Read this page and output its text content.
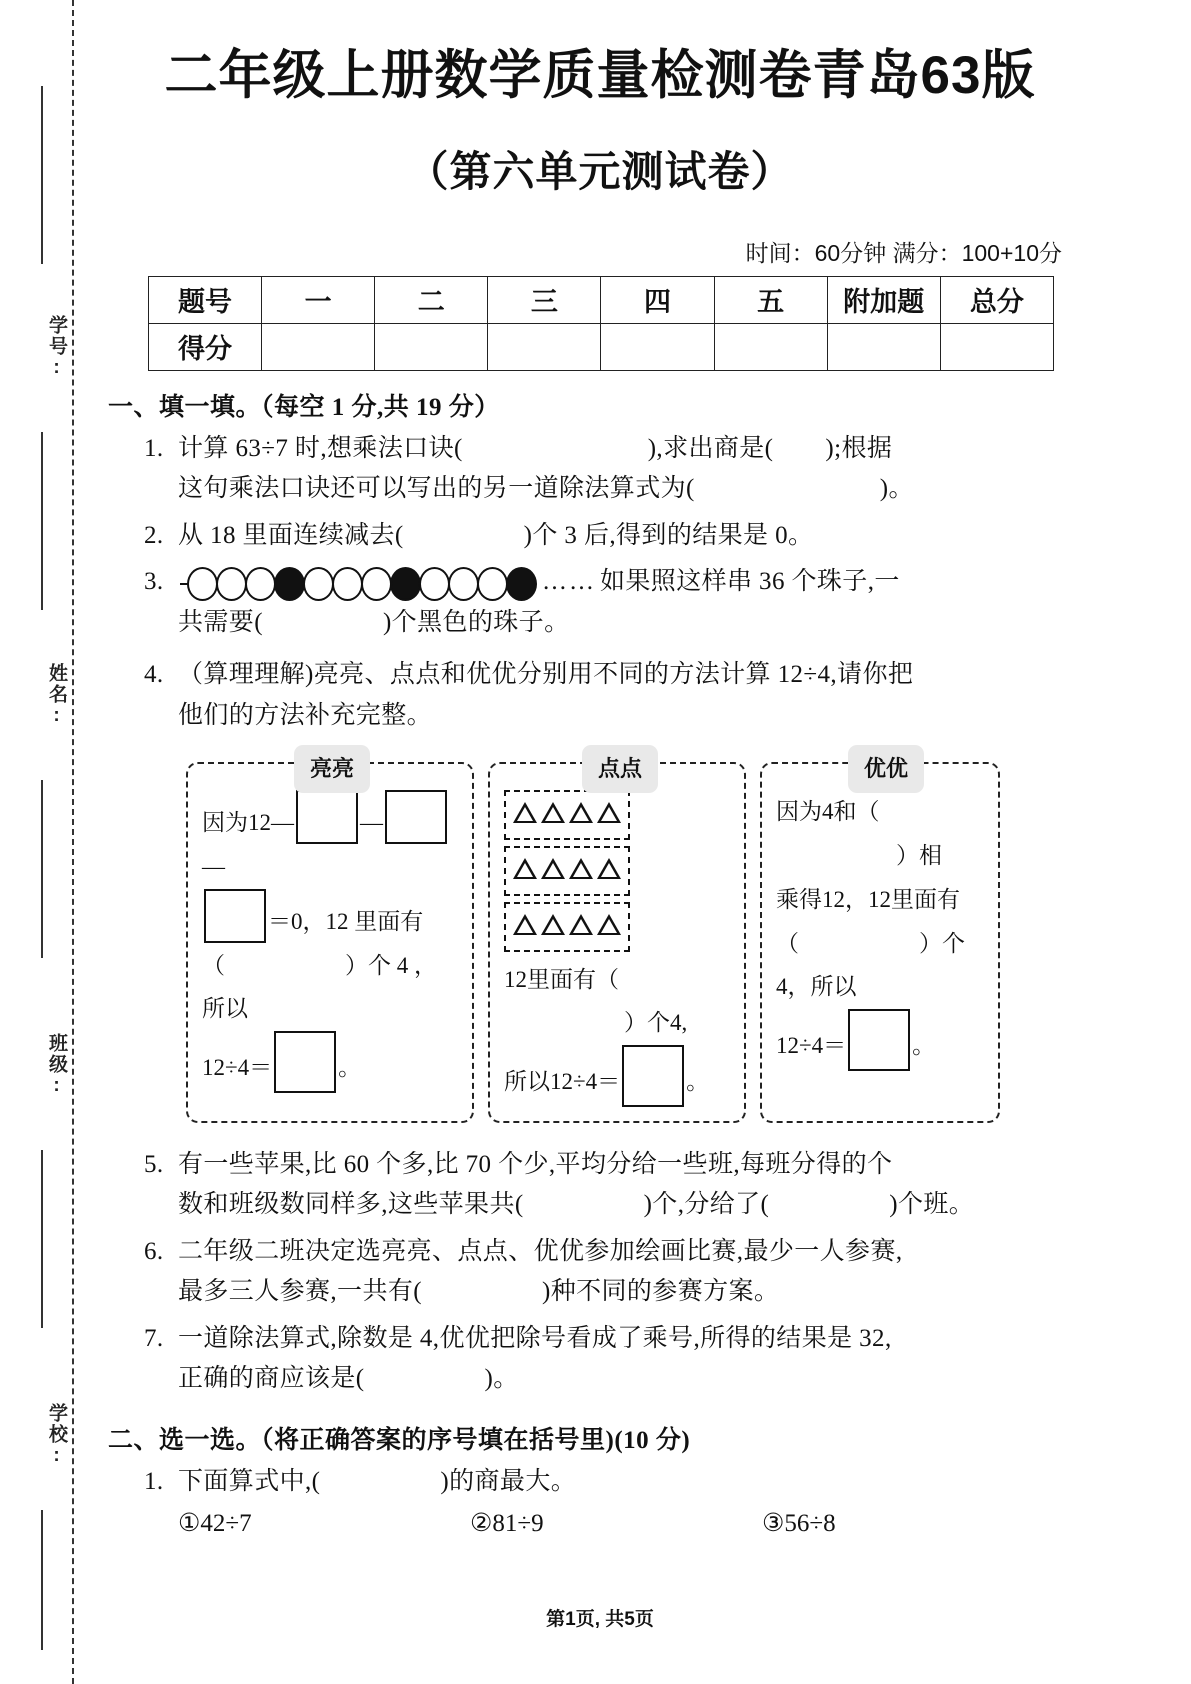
学号:
姓名:
班级:
学校:
二年级上册数学质量检测卷青岛63版
（第六单元测试卷）
时间：60分钟 满分：100+10分
题号	一	二	三	四	五	附加题	总分
得分							
一、填一填。（每空 1 分,共 19 分）
1. 计算 63÷7 时,想乘法口诀(	),求出商是( );根据
这句乘法口诀还可以写出的另一道除法算式为(	)。
2. 从 18 里面连续减去(	)个 3 后,得到的结果是 0。
3.	…… 如果照这样串 36 个珠子,一
共需要(	)个黑色的珠子。
4. （算理理解)亮亮、点点和优优分别用不同的方法计算 12÷4,请你把
他们的方法补充完整。
亮亮
因为12—	——
＝0，12 里面有
（	）个 4 ， 所以
12÷4＝	。
点点
12里面有（）个4,
所以12÷4＝	。
优优
因为4和（）相
乘得12，12里面有
（	）个4，所以
12÷4＝	。
5. 有一些苹果,比 60 个多,比 70 个少,平均分给一些班,每班分得的个
数和班级数同样多,这些苹果共(	)个,分给了(	)个班。
6. 二年级二班决定选亮亮、点点、优优参加绘画比赛,最少一人参赛,
最多三人参赛,一共有(	)种不同的参赛方案。
7. 一道除法算式,除数是 4,优优把除号看成了乘号,所得的结果是 32,
正确的商应该是(	)。
二、选一选。（将正确答案的序号填在括号里)(10 分)
1. 下面算式中,(	)的商最大。
①42÷7	②81÷9	③56÷8
第1页, 共5页
